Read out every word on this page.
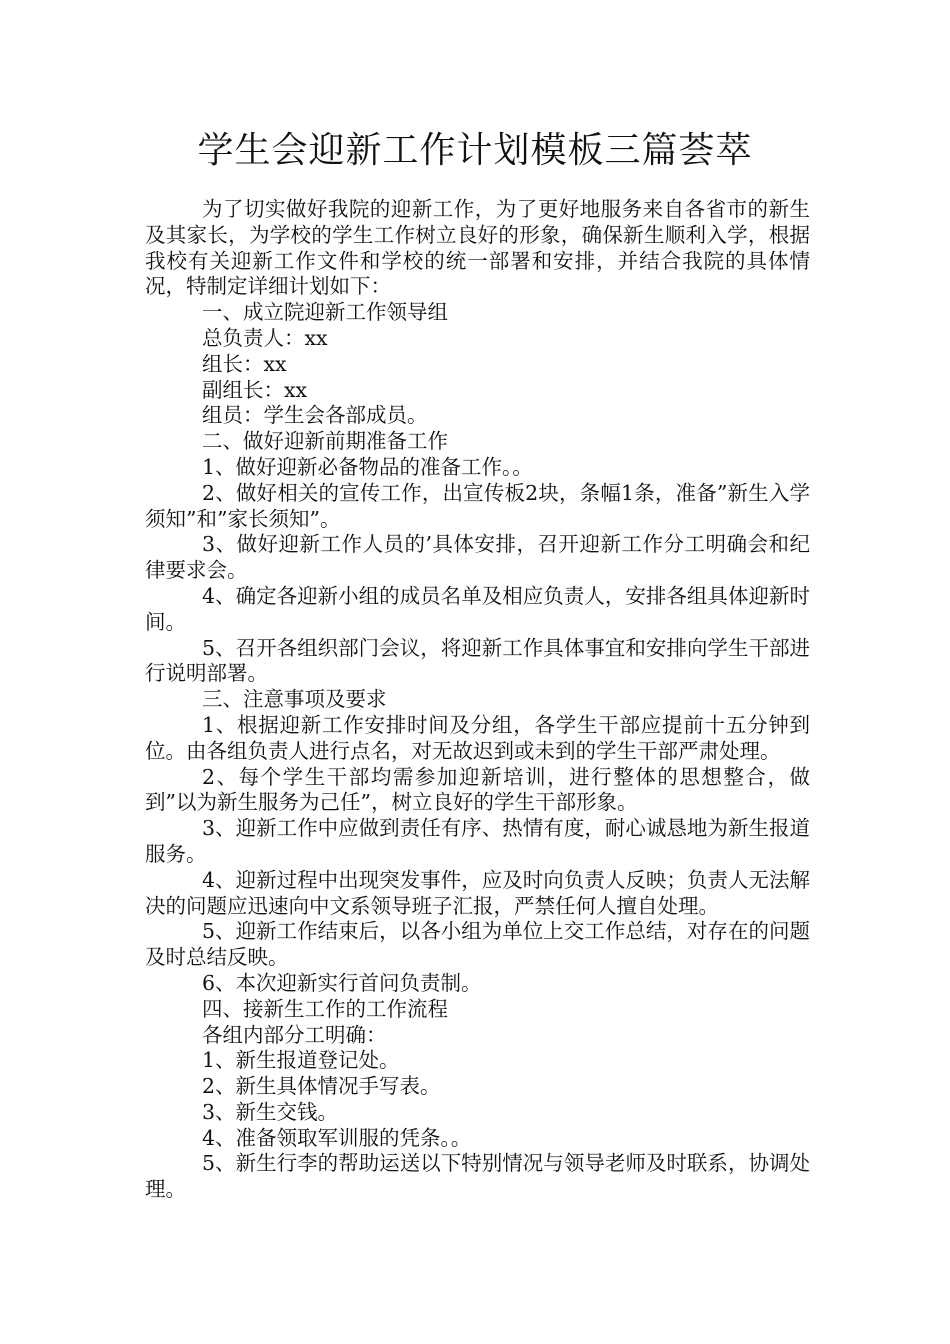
学生会迎新工作计划模板三篇荟萃

为了切实做好我院的迎新工作，为了更好地服务来自各省市的新生及其家长，为学校的学生工作树立良好的形象，确保新生顺利入学，根据我校有关迎新工作文件和学校的统一部署和安排，并结合我院的具体情况，特制定详细计划如下：

一、成立院迎新工作领导组

总负责人：xx

组长：xx

副组长：xx

组员：学生会各部成员。

二、做好迎新前期准备工作

1、做好迎新必备物品的准备工作。。

2、做好相关的宣传工作，出宣传板2块，条幅1条，准备”新生入学须知”和”家长须知”。

3、做好迎新工作人员的’具体安排，召开迎新工作分工明确会和纪律要求会。

4、确定各迎新小组的成员名单及相应负责人，安排各组具体迎新时间。

5、召开各组织部门会议，将迎新工作具体事宜和安排向学生干部进行说明部署。

三、注意事项及要求

1、根据迎新工作安排时间及分组，各学生干部应提前十五分钟到位。由各组负责人进行点名，对无故迟到或未到的学生干部严肃处理。

2、每个学生干部均需参加迎新培训，进行整体的思想整合，做到”以为新生服务为己任”，树立良好的学生干部形象。

3、迎新工作中应做到责任有序、热情有度，耐心诚恳地为新生报道服务。

4、迎新过程中出现突发事件，应及时向负责人反映；负责人无法解决的问题应迅速向中文系领导班子汇报，严禁任何人擅自处理。

5、迎新工作结束后，以各小组为单位上交工作总结，对存在的问题及时总结反映。

6、本次迎新实行首问负责制。

四、接新生工作的工作流程

各组内部分工明确：

1、新生报道登记处。

2、新生具体情况手写表。

3、新生交钱。

4、准备领取军训服的凭条。。

5、新生行李的帮助运送以下特别情况与领导老师及时联系，协调处理。
